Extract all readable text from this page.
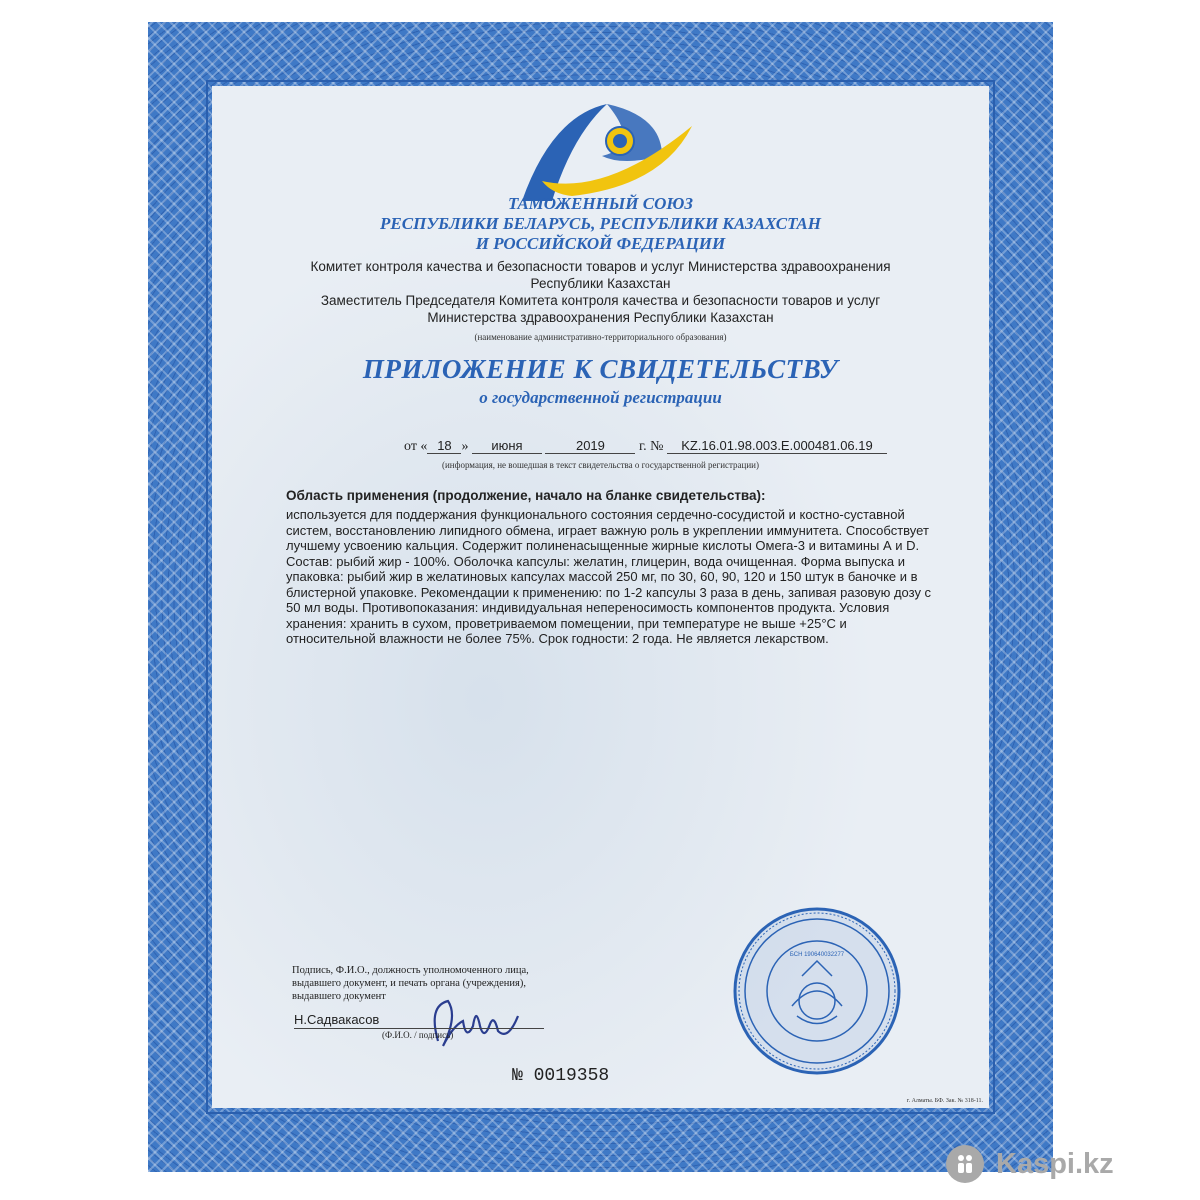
ТАМОЖЕННЫЙ СОЮЗ
РЕСПУБЛИКИ БЕЛАРУСЬ, РЕСПУБЛИКИ КАЗАХСТАН
И РОССИЙСКОЙ ФЕДЕРАЦИИ
Комитет контроля качества и безопасности товаров и услуг Министерства здравоохранения
Республики Казахстан
Заместитель Председателя Комитета контроля качества и безопасности товаров и услуг
Министерства здравоохранения Республики Казахстан
(наименование административно-территориального образования)
ПРИЛОЖЕНИЕ К СВИДЕТЕЛЬСТВУ
о государственной регистрации
от « 18 » июня	2019 г. № KZ.16.01.98.003.E.000481.06.19
(информация, не вошедшая в текст свидетельства о государственной регистрации)
Область применения (продолжение, начало на бланке свидетельства):
используется для поддержания функционального состояния сердечно-сосудистой и костно-суставной систем, восстановлению липидного обмена, играет важную роль в укреплении иммунитета. Способствует лучшему усвоению кальция. Содержит полиненасыщенные жирные кислоты Омега-3 и витамины А и D. Состав: рыбий жир - 100%. Оболочка капсулы: желатин, глицерин, вода очищенная. Форма выпуска и упаковка: рыбий жир в желатиновых капсулах массой 250 мг, по 30, 60, 90, 120 и 150 штук в баночке и в блистерной упаковке. Рекомендации к применению: по 1-2 капсулы 3 раза в день, запивая разовую дозу с 50 мл воды. Противопоказания: индивидуальная непереносимость компонентов продукта. Условия хранения: хранить в сухом, проветриваемом помещении, при температуре не выше +25°С и относительной влажности не более 75%. Срок годности: 2 года. Не является лекарством.
Подпись, Ф.И.О., должность уполномоченного лица,
выдавшего документ, и печать органа (учреждения),
выдавшего документ
Н.Садвакасов
(Ф.И.О. / подпись)
№ 0019358
БСН 190640032277
г. Алматы. БФ. Зак. № 318-11.
Kaspi.kz
